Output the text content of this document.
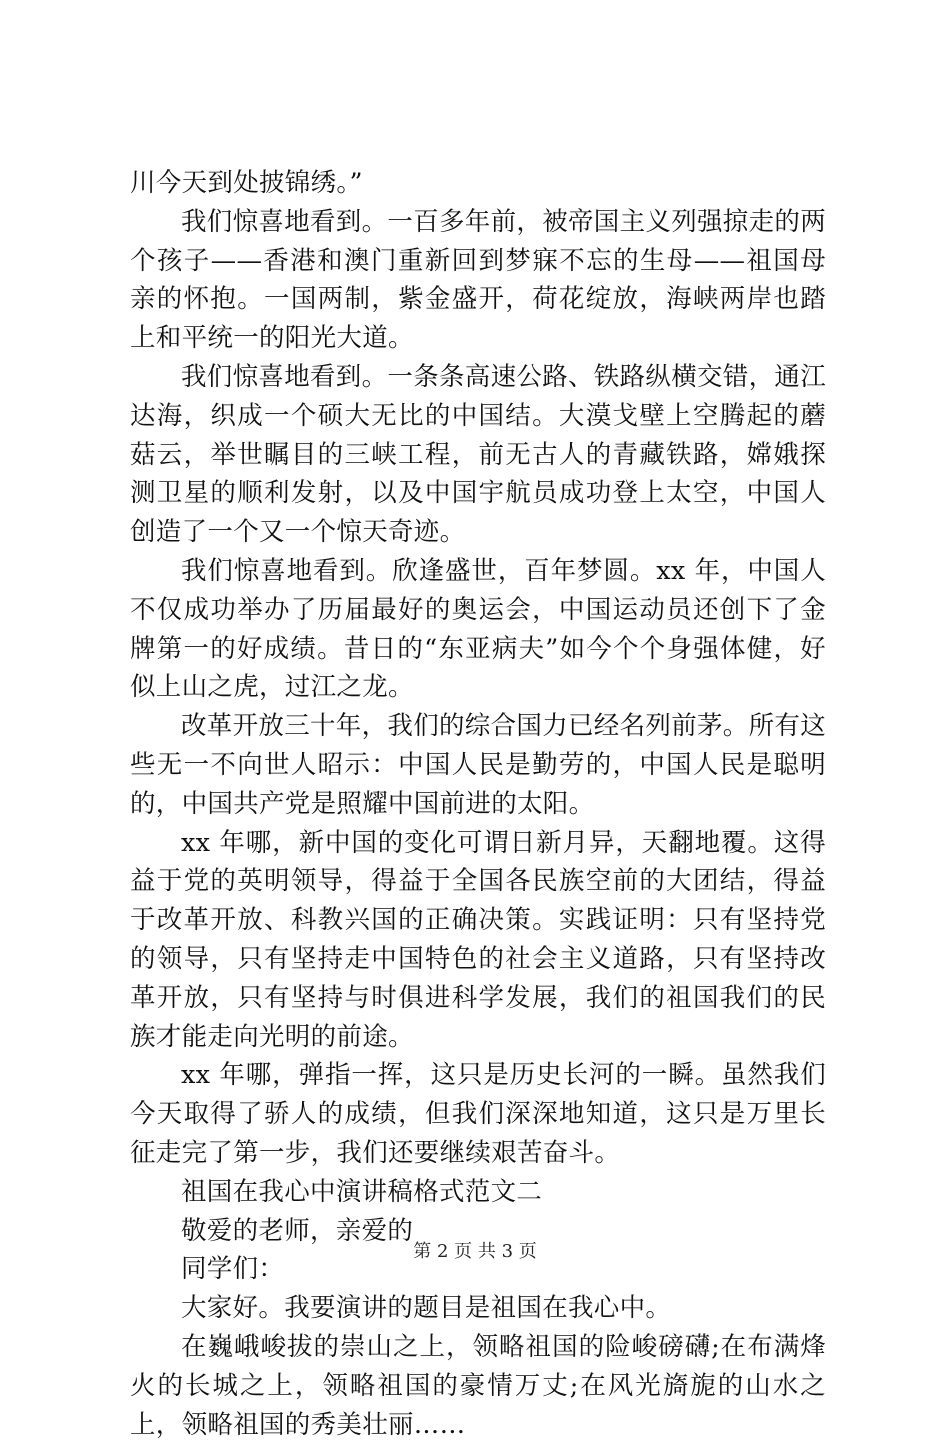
川今天到处披锦绣。”

我们惊喜地看到。一百多年前，被帝国主义列强掠走的两个孩子——香港和澳门重新回到梦寐不忘的生母——祖国母亲的怀抱。一国两制，紫金盛开，荷花绽放，海峡两岸也踏上和平统一的阳光大道。

我们惊喜地看到。一条条高速公路、铁路纵横交错，通江达海，织成一个硕大无比的中国结。大漠戈壁上空腾起的蘑菇云，举世瞩目的三峡工程，前无古人的青藏铁路，嫦娥探测卫星的顺利发射，以及中国宇航员成功登上太空，中国人创造了一个又一个惊天奇迹。

我们惊喜地看到。欣逢盛世，百年梦圆。xx 年，中国人不仅成功举办了历届最好的奥运会，中国运动员还创下了金牌第一的好成绩。昔日的“东亚病夫”如今个个身强体健，好似上山之虎，过江之龙。

改革开放三十年，我们的综合国力已经名列前茅。所有这些无一不向世人昭示：中国人民是勤劳的，中国人民是聪明的，中国共产党是照耀中国前进的太阳。

xx 年哪，新中国的变化可谓日新月异，天翻地覆。这得益于党的英明领导，得益于全国各民族空前的大团结，得益于改革开放、科教兴国的正确决策。实践证明：只有坚持党的领导，只有坚持走中国特色的社会主义道路，只有坚持改革开放，只有坚持与时俱进科学发展，我们的祖国我们的民族才能走向光明的前途。

xx 年哪，弹指一挥，这只是历史长河的一瞬。虽然我们今天取得了骄人的成绩，但我们深深地知道，这只是万里长征走完了第一步，我们还要继续艰苦奋斗。

祖国在我心中演讲稿格式范文二

敬爱的老师，亲爱的

同学们：

大家好。我要演讲的题目是祖国在我心中。

在巍峨峻拔的崇山之上，领略祖国的险峻磅礴;在布满烽火的长城之上，领略祖国的豪情万丈;在风光旖旎的山水之上，领略祖国的秀美壮丽……

第 2 页 共 3 页
